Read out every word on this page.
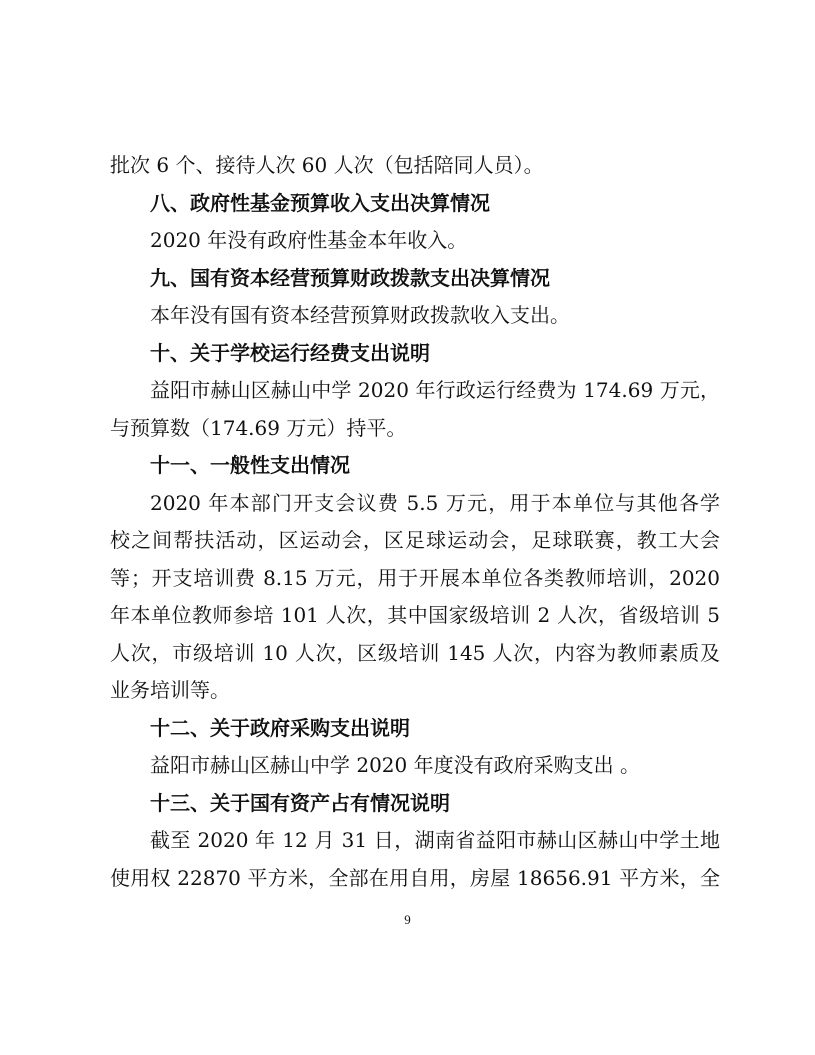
批次 6 个、接待人次 60 人次（包括陪同人员）。
八、政府性基金预算收入支出决算情况
2020 年没有政府性基金本年收入。
九、国有资本经营预算财政拨款支出决算情况
本年没有国有资本经营预算财政拨款收入支出。
十、关于学校运行经费支出说明
益阳市赫山区赫山中学 2020 年行政运行经费为 174.69 万元，
与预算数（174.69 万元）持平。
十一、一般性支出情况
2020 年本部门开支会议费 5.5 万元，用于本单位与其他各学
校之间帮扶活动，区运动会，区足球运动会，足球联赛，教工大会
等；开支培训费 8.15 万元，用于开展本单位各类教师培训，2020
年本单位教师参培 101 人次，其中国家级培训 2 人次，省级培训 5
人次，市级培训 10 人次，区级培训 145 人次，内容为教师素质及
业务培训等。
十二、关于政府采购支出说明
益阳市赫山区赫山中学 2020 年度没有政府采购支出 。
十三、关于国有资产占有情况说明
截至 2020 年 12 月 31 日，湖南省益阳市赫山区赫山中学土地
使用权 22870 平方米，全部在用自用，房屋 18656.91 平方米，全
9
